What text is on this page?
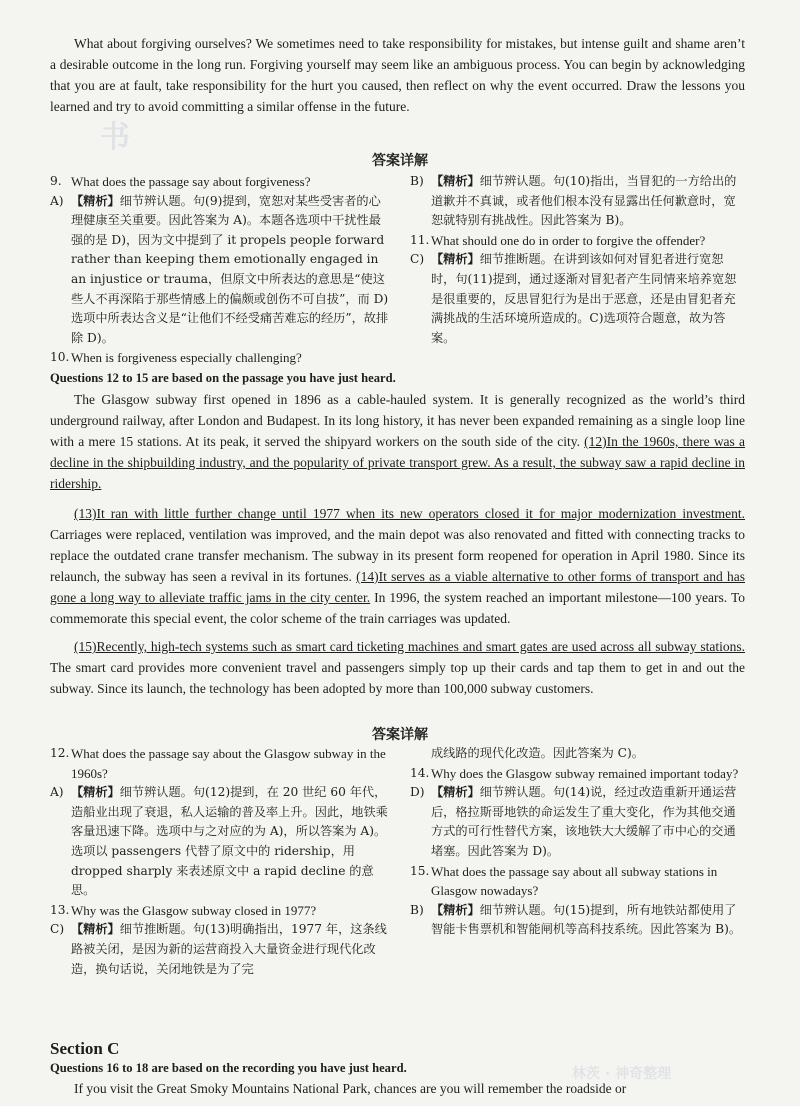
书

What about forgiving ourselves? We sometimes need to take responsibility for mistakes, but intense guilt and shame aren’t a desirable outcome in the long run. Forgiving yourself may seem like an ambiguous process. You can begin by acknowledging that you are at fault, take responsibility for the hurt you caused, then reflect on why the event occurred. Draw the lessons you learned and try to avoid committing a similar offense in the future.

答案详解
9. What does the passage say about forgiveness?
A) 【精析】细节辨认题。句(9)提到，宽恕对某些受害者的心理健康至关重要。因此答案为 A)。本题各选项中干扰性最强的是 D)，因为文中提到了 it propels people forward rather than keeping them emotionally engaged in an injustice or trauma，但原文中所表达的意思是“使这些人不再深陷于那些情感上的偏颇或创伤不可自拔”，而 D)选项中所表达含义是“让他们不经受痛苦难忘的经历”，故排除 D)。
10. When is forgiveness especially challenging?
B) 【精析】细节辨认题。句(10)指出，当冒犯的一方给出的道歉并不真诚，或者他们根本没有显露出任何歉意时，宽恕就特别有挑战性。因此答案为 B)。
11. What should one do in order to forgive the offender?
C) 【精析】细节推断题。在讲到该如何对冒犯者进行宽恕时，句(11)提到，通过逐渐对冒犯者产生同情来培养宽恕是很重要的，反思冒犯行为是出于恶意，还是由冒犯者充满挑战的生活环境所造成的。C)选项符合题意，故为答案。
Questions 12 to 15 are based on the passage you have just heard.
The Glasgow subway first opened in 1896 as a cable-hauled system. It is generally recognized as the world’s third underground railway, after London and Budapest. In its long history, it has never been expanded remaining as a single loop line with a mere 15 stations. At its peak, it served the shipyard workers on the south side of the city. (12)In the 1960s, there was a decline in the shipbuilding industry, and the popularity of private transport grew. As a result, the subway saw a rapid decline in ridership.
(13)It ran with little further change until 1977 when its new operators closed it for major modernization investment. Carriages were replaced, ventilation was improved, and the main depot was also renovated and fitted with connecting tracks to replace the outdated crane transfer mechanism. The subway in its present form reopened for operation in April 1980. Since its relaunch, the subway has seen a revival in its fortunes. (14)It serves as a viable alternative to other forms of transport and has gone a long way to alleviate traffic jams in the city center. In 1996, the system reached an important milestone—100 years. To commemorate this special event, the color scheme of the train carriages was updated.
(15)Recently, high-tech systems such as smart card ticketing machines and smart gates are used across all subway stations. The smart card provides more convenient travel and passengers simply top up their cards and tap them to get in and out the subway. Since its launch, the technology has been adopted by more than 100,000 subway customers.
答案详解
12. What does the passage say about the Glasgow subway in the 1960s?
A) 【精析】细节辨认题。句(12)提到，在 20 世纪 60 年代，造船业出现了衰退，私人运输的普及率上升。因此，地铁乘客量迅速下降。选项中与之对应的为 A)，所以答案为 A)。选项以 passengers 代替了原文中的 ridership，用 dropped sharply 来表述原文中 a rapid decline 的意思。
13. Why was the Glasgow subway closed in 1977?
C) 【精析】细节推断题。句(13)明确指出，1977 年，这条线路被关闭，是因为新的运营商投入大量资金进行现代化改造，换句话说，关闭地铁是为了完
成线路的现代化改造。因此答案为 C)。
14. Why does the Glasgow subway remained important today?
D) 【精析】细节辨认题。句(14)说，经过改造重新开通运营后，格拉斯哥地铁的命运发生了重大变化，作为其他交通方式的可行性替代方案，该地铁大大缓解了市中心的交通堵塞。因此答案为 D)。
15. What does the passage say about all subway stations in Glasgow nowadays?
B) 【精析】细节辨认题。句(15)提到，所有地铁站都使用了智能卡售票机和智能闸机等高科技系统。因此答案为 B)。
Section C
Questions 16 to 18 are based on the recording you have just heard.
If you visit the Great Smoky Mountains National Park, chances are you will remember the roadside or
林茨 · 神奇整理
